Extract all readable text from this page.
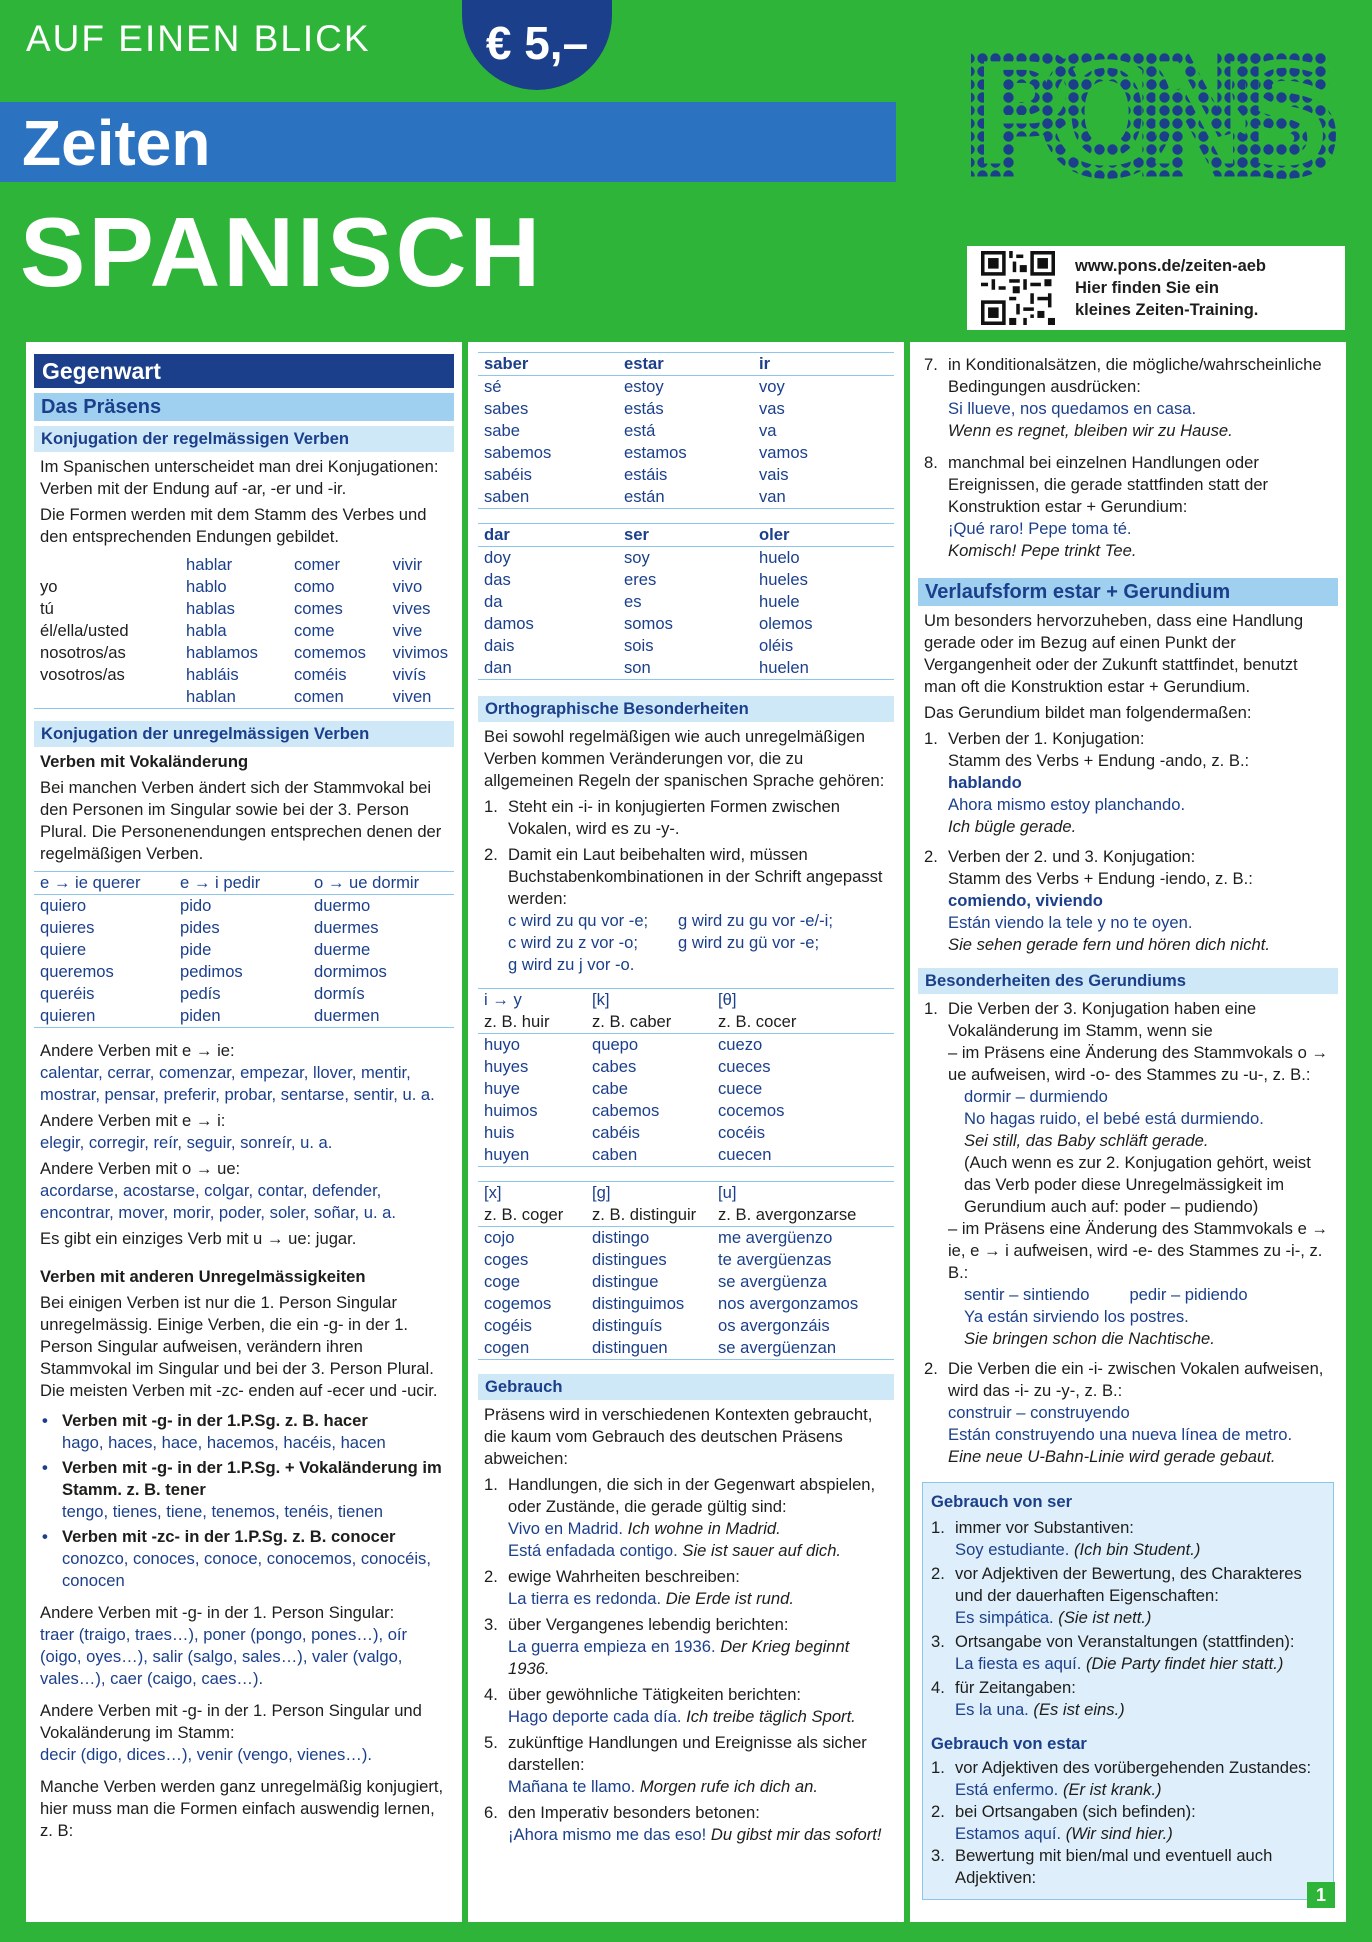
AUF EINEN BLICK	€ 5,–
Zeiten
SPANISCH
PONS
www.pons.de/zeiten-aeb
Hier finden Sie ein
kleines Zeiten-Training.
Gegenwart
Das Präsens
Konjugation der regelmässigen Verben
Im Spanischen unterscheidet man drei Konjugationen: Verben mit der Endung auf -ar, -er und -ir.
Die Formen werden mit dem Stamm des Verbes und den entsprechenden Endungen gebildet.
	hablar	comer	vivir
yo	hablo	como	vivo
tú	hablas	comes	vives
él/ella/usted	habla	come	vive
nosotros/as	hablamos	comemos	vivimos
vosotros/as	habláis	coméis	vivís
	hablan	comen	viven
Konjugation der unregelmässigen Verben
Verben mit Vokaländerung
Bei manchen Verben ändert sich der Stammvokal bei den Personen im Singular sowie bei der 3. Person Plural. Die Personenendungen entsprechen denen der regelmäßigen Verben.
e → ie querer	e → i pedir	o → ue dormir
quiero	pido	duermo
quieres	pides	duermes
quiere	pide	duerme
queremos	pedimos	dormimos
queréis	pedís	dormís
quieren	piden	duermen
Andere Verben mit e → ie:
calentar, cerrar, comenzar, empezar, llover, mentir, mostrar, pensar, preferir, probar, sentarse, sentir, u. a.
Andere Verben mit e → i:
elegir, corregir, reír, seguir, sonreír, u. a.
Andere Verben mit o → ue:
acordarse, acostarse, colgar, contar, defender, encontrar, mover, morir, poder, soler, soñar, u. a.
Es gibt ein einziges Verb mit u → ue: jugar.
Verben mit anderen Unregelmässigkeiten
Bei einigen Verben ist nur die 1. Person Singular unregelmässig. Einige Verben, die ein -g- in der 1. Person Singular aufweisen, verändern ihren Stammvokal im Singular und bei der 3. Person Plural. Die meisten Verben mit -zc- enden auf -ecer und -ucir.
• Verben mit -g- in der 1.P.Sg. z. B. hacer
hago, haces, hace, hacemos, hacéis, hacen
• Verben mit -g- in der 1.P.Sg. + Vokaländerung im Stamm. z. B. tener
tengo, tienes, tiene, tenemos, tenéis, tienen
• Verben mit -zc- in der 1.P.Sg. z. B. conocer
conozco, conoces, conoce, conocemos, conocéis, conocen
Andere Verben mit -g- in der 1. Person Singular:
traer (traigo, traes…), poner (pongo, pones…), oír (oigo, oyes…), salir (salgo, sales…), valer (valgo, vales…), caer (caigo, caes…).
Andere Verben mit -g- in der 1. Person Singular und Vokaländerung im Stamm:
decir (digo, dices…), venir (vengo, vienes…).
Manche Verben werden ganz unregelmäßig konjugiert, hier muss man die Formen einfach auswendig lernen, z. B:
saber	estar	ir
sé	estoy	voy
sabes	estás	vas
sabe	está	va
sabemos	estamos	vamos
sabéis	estáis	vais
saben	están	van
dar	ser	oler
doy	soy	huelo
das	eres	hueles
da	es	huele
damos	somos	olemos
dais	sois	oléis
dan	son	huelen
Orthographische Besonderheiten
Bei sowohl regelmäßigen wie auch unregelmäßigen Verben kommen Veränderungen vor, die zu allgemeinen Regeln der spanischen Sprache gehören:
1. Steht ein -i- in konjugierten Formen zwischen Vokalen, wird es zu -y-.
2. Damit ein Laut beibehalten wird, müssen Buchstabenkombinationen in der Schrift angepasst werden:
c wird zu qu vor -e;	g wird zu gu vor -e/-i;
c wird zu z vor -o;	g wird zu gü vor -e;
g wird zu j vor -o.
i → y	[k]	[θ]
z. B. huir	z. B. caber	z. B. cocer
huyo	quepo	cuezo
huyes	cabes	cueces
huye	cabe	cuece
huimos	cabemos	cocemos
huis	cabéis	cocéis
huyen	caben	cuecen
[x]	[g]	[u]
z. B. coger	z. B. distinguir	z. B. avergonzarse
cojo	distingo	me avergüenzo
coges	distingues	te avergüenzas
coge	distingue	se avergüenza
cogemos	distinguimos	nos avergonzamos
cogéis	distinguís	os avergonzáis
cogen	distinguen	se avergüenzan
Gebrauch
Präsens wird in verschiedenen Kontexten gebraucht, die kaum vom Gebrauch des deutschen Präsens abweichen:
1. Handlungen, die sich in der Gegenwart abspielen, oder Zustände, die gerade gültig sind:
Vivo en Madrid. Ich wohne in Madrid.
Está enfadada contigo. Sie ist sauer auf dich.
2. ewige Wahrheiten beschreiben:
La tierra es redonda. Die Erde ist rund.
3. über Vergangenes lebendig berichten:
La guerra empieza en 1936. Der Krieg beginnt 1936.
4. über gewöhnliche Tätigkeiten berichten:
Hago deporte cada día. Ich treibe täglich Sport.
5. zukünftige Handlungen und Ereignisse als sicher darstellen:
Mañana te llamo. Morgen rufe ich dich an.
6. den Imperativ besonders betonen:
¡Ahora mismo me das eso! Du gibst mir das sofort!
7. in Konditionalsätzen, die mögliche/wahrscheinliche Bedingungen ausdrücken:
Si llueve, nos quedamos en casa.
Wenn es regnet, bleiben wir zu Hause.
8. manchmal bei einzelnen Handlungen oder Ereignissen, die gerade stattfinden statt der Konstruktion estar + Gerundium:
¡Qué raro! Pepe toma té.
Komisch! Pepe trinkt Tee.
Verlaufsform estar + Gerundium
Um besonders hervorzuheben, dass eine Handlung gerade oder im Bezug auf einen Punkt der Vergangenheit oder der Zukunft stattfindet, benutzt man oft die Konstruktion estar + Gerundium.
Das Gerundium bildet man folgendermaßen:
1. Verben der 1. Konjugation:
Stamm des Verbs + Endung -ando, z. B.:
hablando
Ahora mismo estoy planchando.
Ich bügle gerade.
2. Verben der 2. und 3. Konjugation:
Stamm des Verbs + Endung -iendo, z. B.:
comiendo, viviendo
Están viendo la tele y no te oyen.
Sie sehen gerade fern und hören dich nicht.
Besonderheiten des Gerundiums
1. Die Verben der 3. Konjugation haben eine Vokaländerung im Stamm, wenn sie
– im Präsens eine Änderung des Stammvokals o → ue aufweisen, wird -o- des Stammes zu -u-, z. B.:
dormir – durmiendo
No hagas ruido, el bebé está durmiendo.
Sei still, das Baby schläft gerade.
(Auch wenn es zur 2. Konjugation gehört, weist das Verb poder diese Unregelmässigkeit im Gerundium auch auf: poder – pudiendo)
– im Präsens eine Änderung des Stammvokals e → ie, e → i aufweisen, wird -e- des Stammes zu -i-, z. B.:
sentir – sintiendo pedir – pidiendo
Ya están sirviendo los postres.
Sie bringen schon die Nachtische.
2. Die Verben die ein -i- zwischen Vokalen aufweisen, wird das -i- zu -y-, z. B.:
construir – construyendo
Están construyendo una nueva línea de metro.
Eine neue U-Bahn-Linie wird gerade gebaut.
Gebrauch von ser
1. immer vor Substantiven:
Soy estudiante. (Ich bin Student.)
2. vor Adjektiven der Bewertung, des Charakteres und der dauerhaften Eigenschaften:
Es simpática. (Sie ist nett.)
3. Ortsangabe von Veranstaltungen (stattfinden):
La fiesta es aquí. (Die Party findet hier statt.)
4. für Zeitangaben:
Es la una. (Es ist eins.)
Gebrauch von estar
1. vor Adjektiven des vorübergehenden Zustandes:
Está enfermo. (Er ist krank.)
2. bei Ortsangaben (sich befinden):
Estamos aquí. (Wir sind hier.)
3. Bewertung mit bien/mal und eventuell auch Adjektiven:
1
